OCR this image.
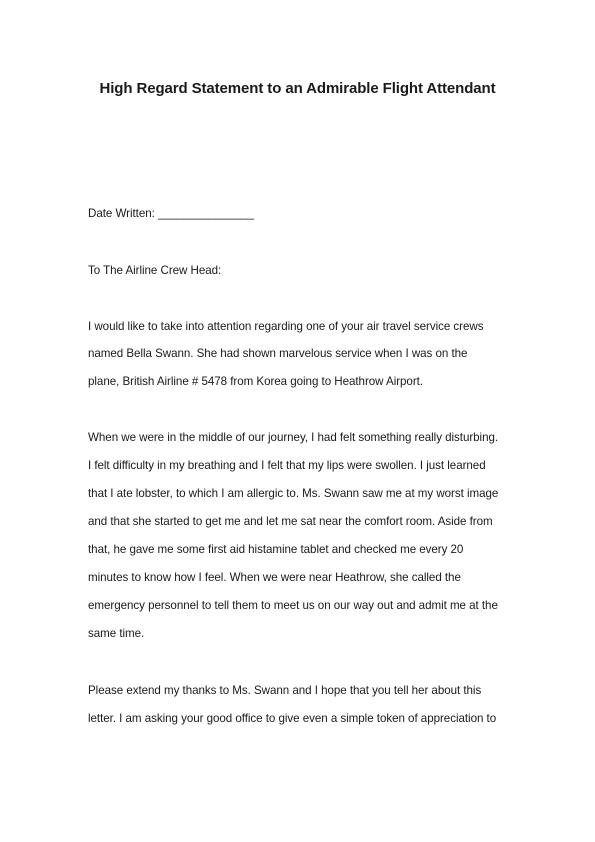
High Regard Statement to an Admirable Flight Attendant
Date Written: _______________
To The Airline Crew Head:
I would like to take into attention regarding one of your air travel service crews
named Bella Swann. She had shown marvelous service when I was on the
plane, British Airline # 5478 from Korea going to Heathrow Airport.
When we were in the middle of our journey, I had felt something really disturbing.
I felt difficulty in my breathing and I felt that my lips were swollen. I just learned
that I ate lobster, to which I am allergic to. Ms. Swann saw me at my worst image
and that she started to get me and let me sat near the comfort room. Aside from
that, he gave me some first aid histamine tablet and checked me every 20
minutes to know how I feel. When we were near Heathrow, she called the
emergency personnel to tell them to meet us on our way out and admit me at the
same time.
Please extend my thanks to Ms. Swann and I hope that you tell her about this
letter. I am asking your good office to give even a simple token of appreciation to
